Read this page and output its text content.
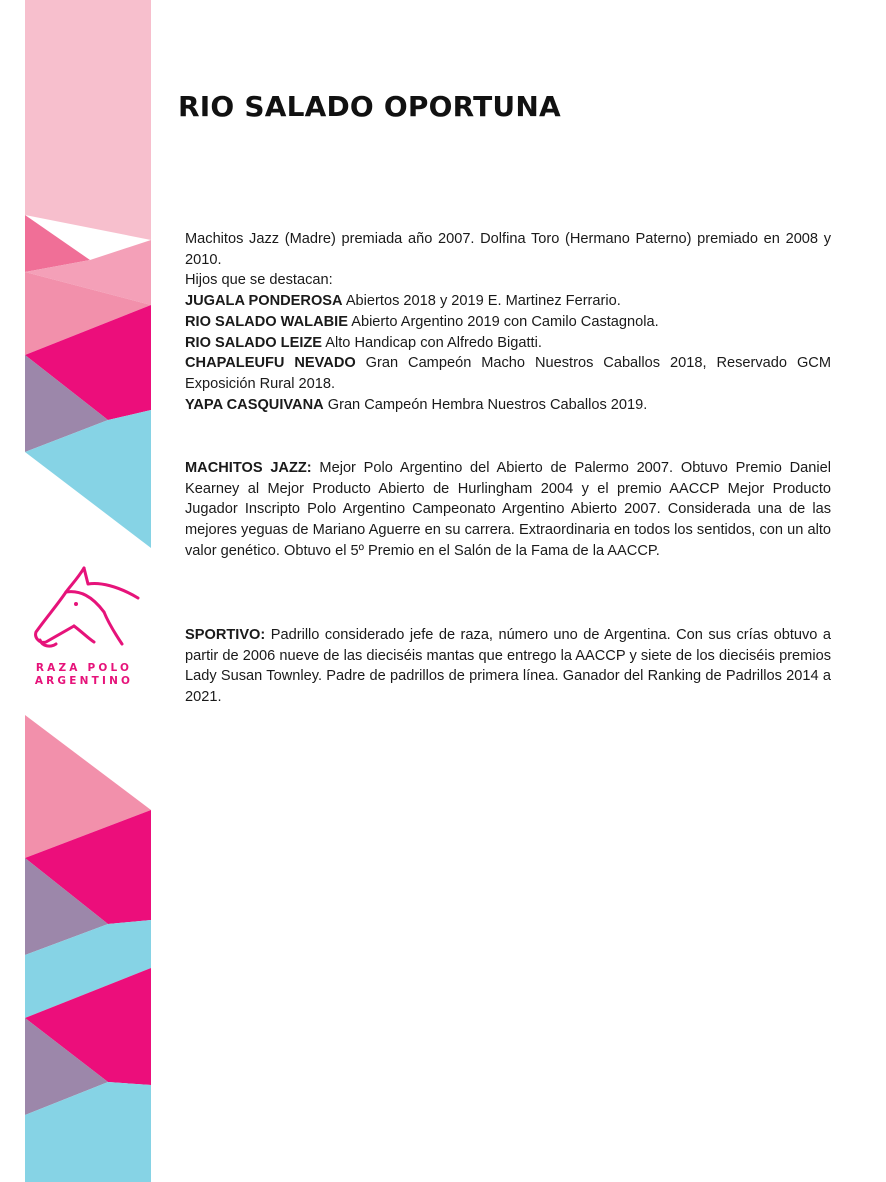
RIO SALADO OPORTUNA

Machitos Jazz (Madre) premiada año 2007. Dolfina Toro (Hermano Paterno) premiado en 2008 y 2010.

Hijos que se destacan:

JUGALA PONDEROSA Abiertos 2018 y 2019 E. Martinez Ferrario.

RIO SALADO WALABIE Abierto Argentino 2019 con Camilo Castagnola.

RIO SALADO LEIZE Alto Handicap con Alfredo Bigatti.

CHAPALEUFU NEVADO Gran Campeón Macho Nuestros Caballos 2018, Reservado GCM Exposición Rural 2018.

YAPA CASQUIVANA Gran Campeón Hembra Nuestros Caballos 2019.

MACHITOS JAZZ: Mejor Polo Argentino del Abierto de Palermo 2007. Obtuvo Premio Daniel Kearney al Mejor Producto Abierto de Hurlingham 2004 y el premio AACCP Mejor Producto Jugador Inscripto Polo Argentino Campeonato Argentino Abierto 2007. Considerada una de las mejores yeguas de Mariano Aguerre en su carrera. Extraordinaria en todos los sentidos, con un alto valor genético. Obtuvo el 5º Premio en el Salón de la Fama de la AACCP.

SPORTIVO: Padrillo considerado jefe de raza, número uno de Argentina. Con sus crías obtuvo a partir de 2006 nueve de las dieciséis mantas que entrego la AACCP y siete de los dieciséis premios Lady Susan Townley. Padre de padrillos de primera línea. Ganador del Ranking de Padrillos 2014 a 2021.

RAZA POLO
ARGENTINO
